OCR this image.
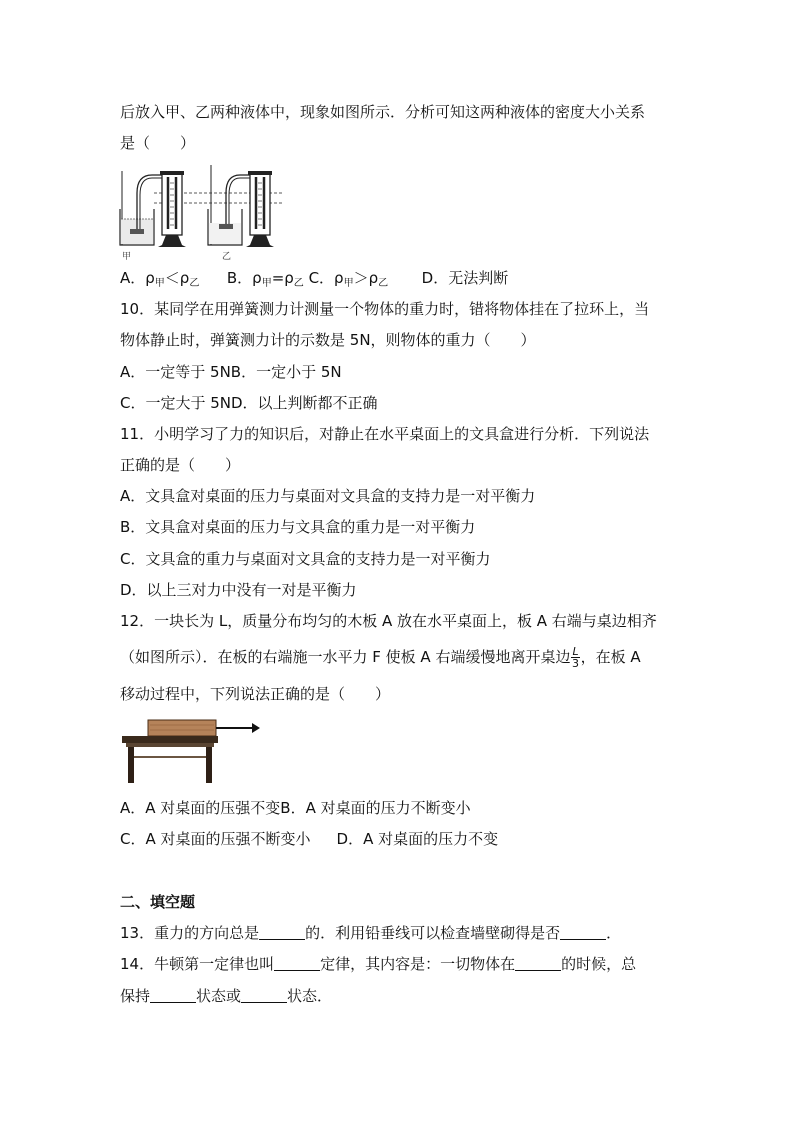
后放入甲、乙两种液体中，现象如图所示．分析可知这两种液体的密度大小关系
是（　　）
甲	乙
A．$\rho_甲<\rho_乙$ B．$\rho_甲=\rho_乙$ C．$\rho_甲>\rho_乙$ D．无法判断
10．某同学在用弹簧测力计测量一个物体的重力时，错将物体挂在了拉环上，当
物体静止时，弹簧测力计的示数是 5N，则物体的重力（　　）
A．一定等于 5NB．一定小于 5N
C．一定大于 5ND．以上判断都不正确
11．小明学习了力的知识后，对静止在水平桌面上的文具盒进行分析．下列说法
正确的是（　　）
A．文具盒对桌面的压力与桌面对文具盒的支持力是一对平衡力
B．文具盒对桌面的压力与文具盒的重力是一对平衡力
C．文具盒的重力与桌面对文具盒的支持力是一对平衡力
D．以上三对力中没有一对是平衡力
12．一块长为 L，质量分布均匀的木板 A 放在水平桌面上，板 A 右端与桌边相齐
（如图所示）．在板的右端施一水平力 F 使板 A 右端缓慢地离开桌边 $\frac{L}{3}$ ，在板 A
移动过程中，下列说法正确的是（　　）
A．A 对桌面的压强不变B．A 对桌面的压力不断变小
C．A 对桌面的压强不断变小 D．A 对桌面的压力不变
二、填空题
13．重力的方向总是	的．利用铅垂线可以检查墙壁砌得是否	．
14．牛顿第一定律也叫	定律，其内容是：一切物体在	的时候，总
保持	状态或	状态．
